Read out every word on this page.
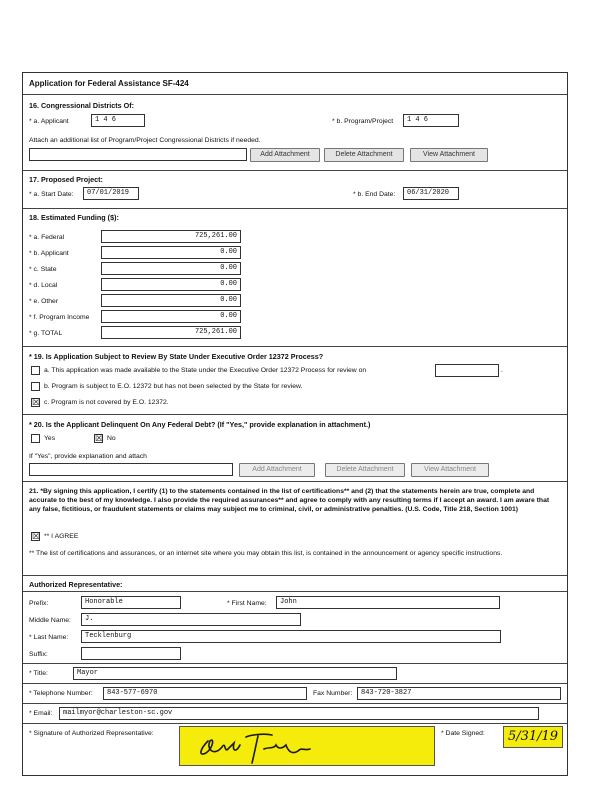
Application for Federal Assistance SF-424
16. Congressional Districts Of:
* a. Applicant	1 4 6	* b. Program/Project	1 4 6
Attach an additional list of Program/Project Congressional Districts if needed.
Add Attachment	Delete Attachment	View Attachment
17. Proposed Project:
* a. Start Date:	07/01/2019	* b. End Date:	06/31/2020
18. Estimated Funding ($):
* a. Federal	725,261.00
* b. Applicant	0.00
* c. State	0.00
* d. Local	0.00
* e. Other	0.00
* f. Program Income	0.00
* g. TOTAL	725,261.00
* 19. Is Application Subject to Review By State Under Executive Order 12372 Process?
a. This application was made available to the State under the Executive Order 12372 Process for review on	.
b. Program is subject to E.O. 12372 but has not been selected by the State for review.
☒ c. Program is not covered by E.O. 12372.
* 20. Is the Applicant Delinquent On Any Federal Debt? (If "Yes," provide explanation in attachment.)
Yes	☒ No
If "Yes", provide explanation and attach
Add Attachment	Delete Attachment	View Attachment
21. *By signing this application, I certify (1) to the statements contained in the list of certifications** and (2) that the statements herein are true, complete and accurate to the best of my knowledge. I also provide the required assurances** and agree to comply with any resulting terms if I accept an award. I am aware that any false, fictitious, or fraudulent statements or claims may subject me to criminal, civil, or administrative penalties. (U.S. Code, Title 218, Section 1001)
☒ ** I AGREE
** The list of certifications and assurances, or an internet site where you may obtain this list, is contained in the announcement or agency specific instructions.
Authorized Representative:
Prefix:	Honorable	* First Name:	John
Middle Name:	J.
* Last Name:	Tecklenburg
Suffix:
* Title:	Mayor
* Telephone Number:	843-577-6970	Fax Number:	843-720-3827
* Email:	mailmyor@charleston-sc.gov
* Signature of Authorized Representative:	* Date Signed:	5/31/19
